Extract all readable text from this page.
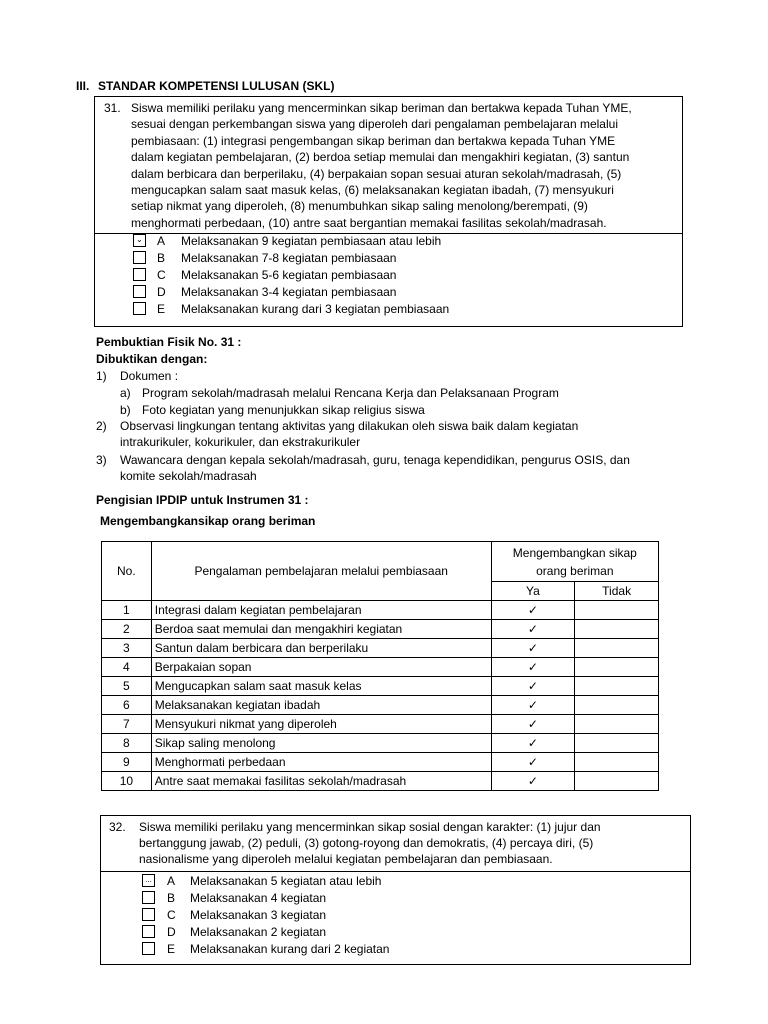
III. STANDAR KOMPETENSI LULUSAN (SKL)
31. Siswa memiliki perilaku yang mencerminkan sikap beriman dan bertakwa kepada Tuhan YME,
sesuai dengan perkembangan siswa yang diperoleh dari pengalaman pembelajaran melalui
pembiasaan: (1) integrasi pengembangan sikap beriman dan bertakwa kepada Tuhan YME
dalam kegiatan pembelajaran, (2) berdoa setiap memulai dan mengakhiri kegiatan, (3) santun
dalam berbicara dan berperilaku, (4) berpakaian sopan sesuai aturan sekolah/madrasah, (5)
mengucapkan salam saat masuk kelas, (6) melaksanakan kegiatan ibadah, (7) mensyukuri
setiap nikmat yang diperoleh, (8) menumbuhkan sikap saling menolong/berempati, (9)
menghormati perbedaan, (10) antre saat bergantian memakai fasilitas sekolah/madrasah.
⌄ A Melaksanakan 9 kegiatan pembiasaan atau lebih
B Melaksanakan 7-8 kegiatan pembiasaan
C Melaksanakan 5-6 kegiatan pembiasaan
D Melaksanakan 3-4 kegiatan pembiasaan
E Melaksanakan kurang dari 3 kegiatan pembiasaan
Pembuktian Fisik No. 31 :
Dibuktikan dengan:
1) Dokumen :
a) Program sekolah/madrasah melalui Rencana Kerja dan Pelaksanaan Program
b) Foto kegiatan yang menunjukkan sikap religius siswa
2) Observasi lingkungan tentang aktivitas yang dilakukan oleh siswa baik dalam kegiatan
intrakurikuler, kokurikuler, dan ekstrakurikuler
3) Wawancara dengan kepala sekolah/madrasah, guru, tenaga kependidikan, pengurus OSIS, dan
komite sekolah/madrasah
Pengisian IPDIP untuk Instrumen 31 :
Mengembangkansikap orang beriman
No.	Pengalaman pembelajaran melalui pembiasaan	Mengembangkan sikap
orang beriman	

		Ya	Tidak
1	Integrasi dalam kegiatan pembelajaran	✓	
2	Berdoa saat memulai dan mengakhiri kegiatan	✓	
3	Santun dalam berbicara dan berperilaku	✓	
4	Berpakaian sopan	✓	
5	Mengucapkan salam saat masuk kelas	✓	
6	Melaksanakan kegiatan ibadah	✓	
7	Mensyukuri nikmat yang diperoleh	✓	
8	Sikap saling menolong	✓	
9	Menghormati perbedaan	✓	
10	Antre saat memakai fasilitas sekolah/madrasah	✓	
32. Siswa memiliki perilaku yang mencerminkan sikap sosial dengan karakter: (1) jujur dan
bertanggung jawab, (2) peduli, (3) gotong-royong dan demokratis, (4) percaya diri, (5)
nasionalisme yang diperoleh melalui kegiatan pembelajaran dan pembiasaan.
... A Melaksanakan 5 kegiatan atau lebih
B Melaksanakan 4 kegiatan
C Melaksanakan 3 kegiatan
D Melaksanakan 2 kegiatan
E Melaksanakan kurang dari 2 kegiatan
